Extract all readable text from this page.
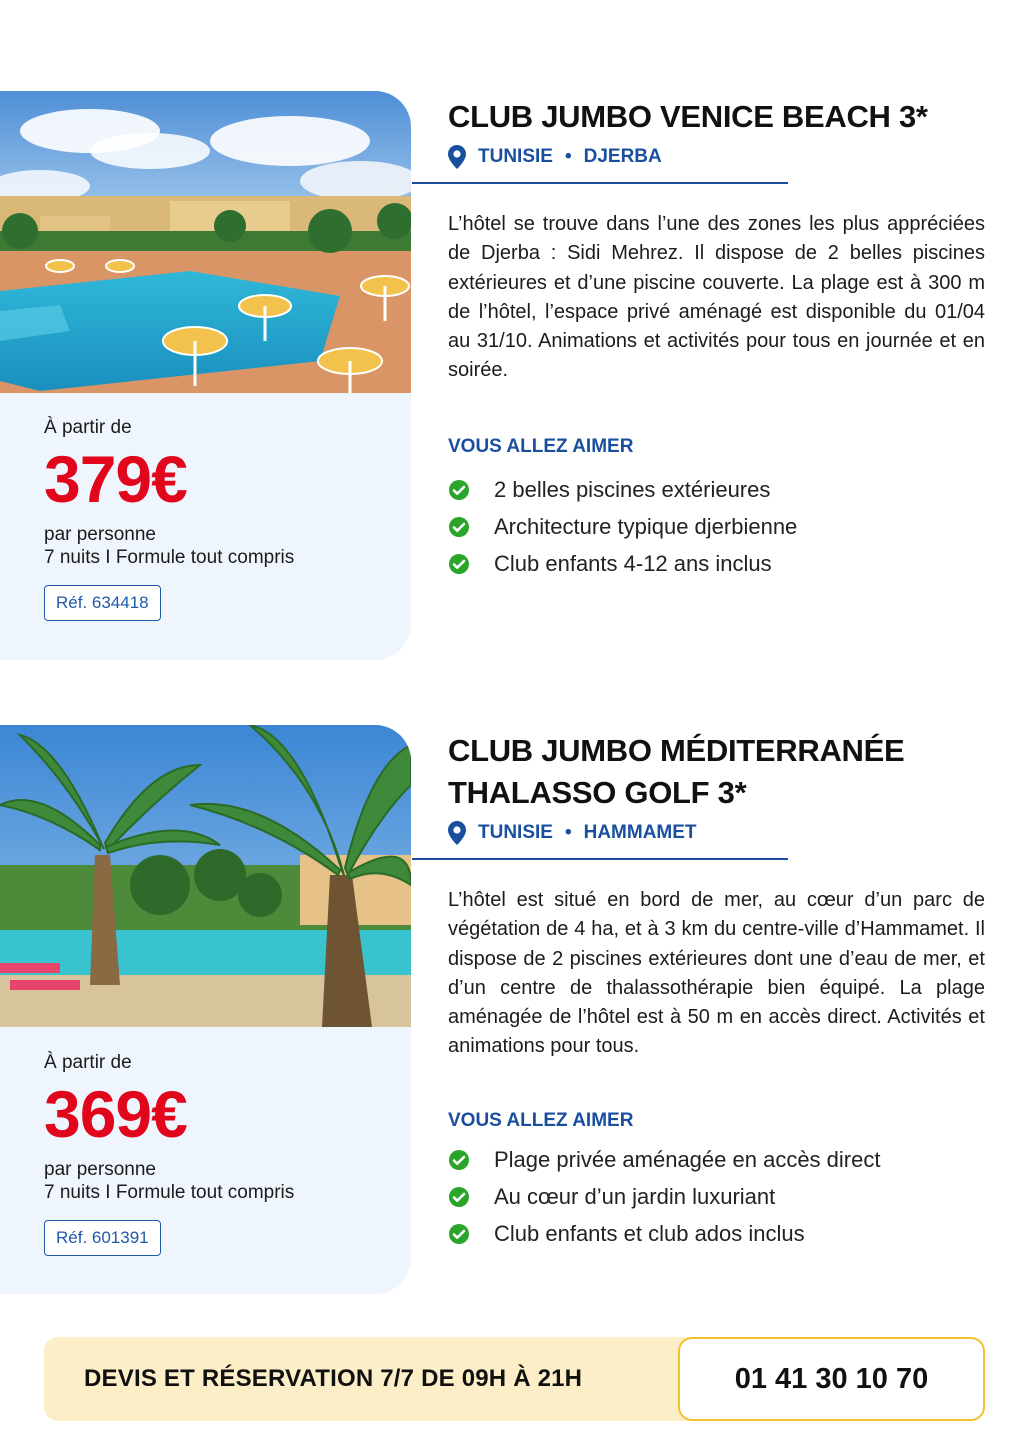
À partir de
379€
par personne
7 nuits I Formule tout compris
Réf. 634418
CLUB JUMBO VENICE BEACH 3*
TUNISIE • DJERBA

L’hôtel se trouve dans l’une des zones les plus appréciées de Djerba : Sidi Mehrez. Il dispose de 2 belles piscines extérieures et d’une piscine couverte. La plage est à 300 m de l’hôtel, l’espace privé aménagé est disponible du 01/04 au 31/10. Animations et activités pour tous en journée et en soirée.

VOUS ALLEZ AIMER
2 belles piscines extérieures
Architecture typique djerbienne
Club enfants 4-12 ans inclus
À partir de
369€
par personne
7 nuits I Formule tout compris
Réf. 601391
CLUB JUMBO MÉDITERRANÉE
THALASSO GOLF 3*
TUNISIE • HAMMAMET

L’hôtel est situé en bord de mer, au cœur d’un parc de végétation de 4 ha, et à 3 km du centre-ville d’Hammamet. Il dispose de 2 piscines extérieures dont une d’eau de mer, et d’un centre de thalassothérapie bien équipé. La plage aménagée de l’hôtel est à 50 m en accès direct. Activités et animations pour tous.

VOUS ALLEZ AIMER
Plage privée aménagée en accès direct
Au cœur d’un jardin luxuriant
Club enfants et club ados inclus
DEVIS ET RÉSERVATION 7/7 DE 09H À 21H	01 41 30 10 70
